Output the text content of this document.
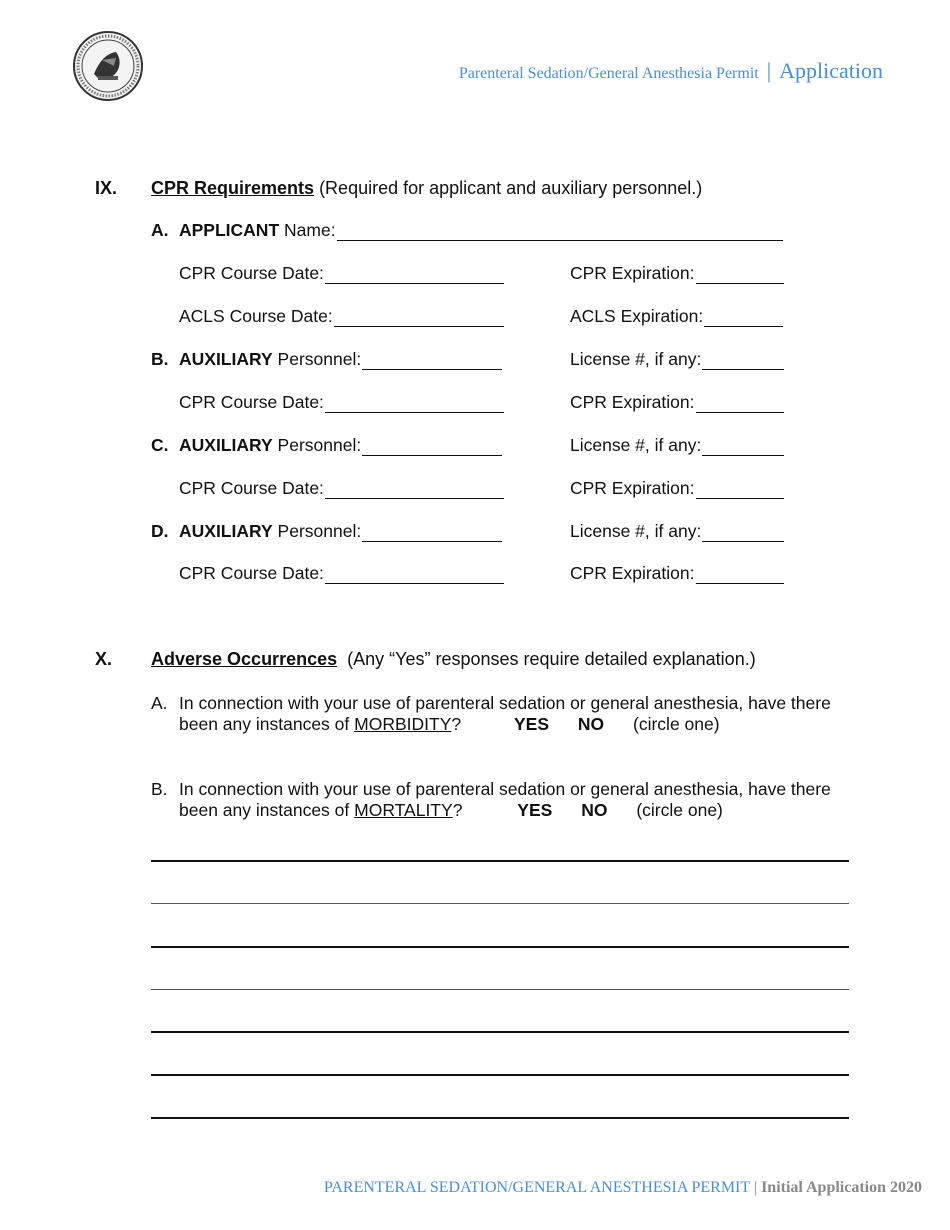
Parenteral Sedation/General Anesthesia Permit | Application
IX. CPR Requirements (Required for applicant and auxiliary personnel.)
A. APPLICANT
Name:
CPR Course Date:	CPR Expiration:
ACLS Course Date:	ACLS Expiration:
B. AUXILIARY
Personnel:	License #, if any:
CPR Course Date:	CPR Expiration:
C. AUXILIARY
Personnel:	License #, if any:
CPR Course Date:	CPR Expiration:
D. AUXILIARY
Personnel:	License #, if any:
CPR Course Date:	CPR Expiration:
X. Adverse Occurrences (Any “Yes” responses require detailed explanation.)
A. In connection with your use of parenteral sedation or general anesthesia, have there
been any instances of MORBIDITY?	YES NO (circle one)
B. In connection with your use of parenteral sedation or general anesthesia, have there
been any instances of MORTALITY?	YES NO (circle one)
PARENTERAL SEDATION/GENERAL ANESTHESIA PERMIT | Initial Application 2020
